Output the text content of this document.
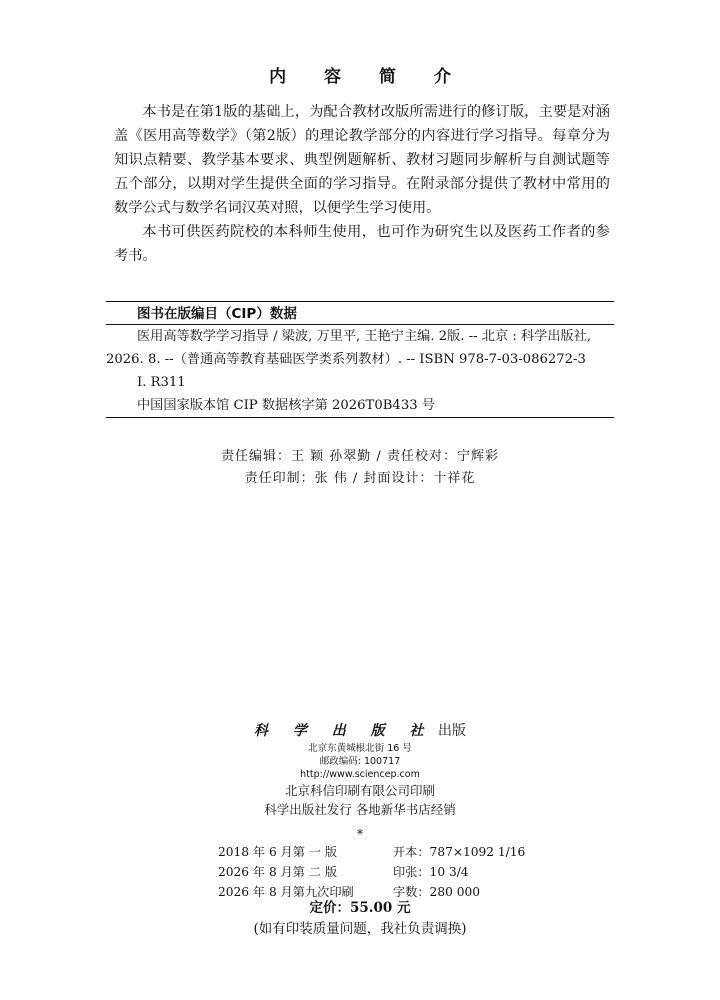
内 容 简 介

本书是在第1版的基础上，为配合教材改版所需进行的修订版，主要是对涵盖《医用高等数学》（第2版）的理论教学部分的内容进行学习指导。每章分为知识点精要、教学基本要求、典型例题解析、教材习题同步解析与自测试题等五个部分，以期对学生提供全面的学习指导。在附录部分提供了教材中常用的数学公式与数学名词汉英对照，以便学生学习使用。

本书可供医药院校的本科师生使用，也可作为研究生以及医药工作者的参考书。

图书在版编目（CIP）数据
医用高等数学学习指导 / 梁波, 万里平, 王艳宁主编. 2版. -- 北京 : 科学出版社, 2026. 8. --（普通高等教育基础医学类系列教材）. -- ISBN 978-7-03-086272-3
Ⅰ. R311
中国国家版本馆 CIP 数据核字第 2026T0B433 号
责任编辑：王 颖 孙翠勤 / 责任校对：宁辉彩
责任印制：张 伟 / 封面设计：十祥花
科 学 出 版 社 出版
北京东黄城根北街 16 号
邮政编码: 100717
http://www.sciencep.com
北京科信印刷有限公司印刷
科学出版社发行 各地新华书店经销
*
2018 年 6 月第 一 版	开本：787×1092 1/16
2026 年 8 月第 二 版	印张：10 3/4
2026 年 8 月第九次印刷	字数：280 000
定价：55.00 元
(如有印装质量问题，我社负责调换)
